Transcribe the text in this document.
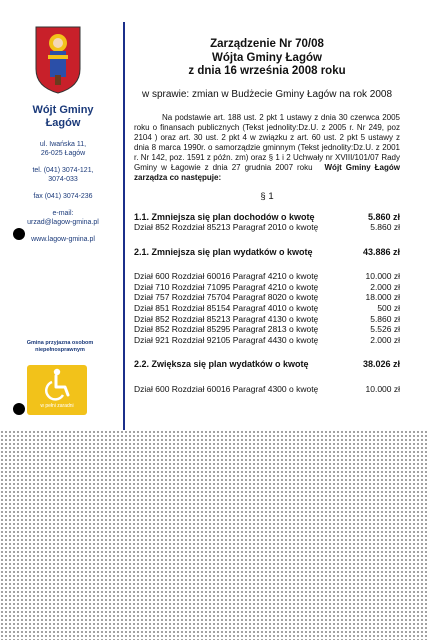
Wójt Gminy
Łagów
ul. Iwańska 11,
26-025 Łagów
tel. (041) 3074-121,
3074-033
fax (041) 3074-236
e-mail:
urzad@lagow-gmina.pl
www.lagow-gmina.pl
Gmina przyjazna osobom niepełnosprawnym
w pełni zaradni
Zarządzenie Nr 70/08
Wójta Gminy Łagów
z dnia 16 września 2008 roku
w sprawie: zmian w Budżecie Gminy Łagów na rok 2008
Na podstawie art. 188 ust. 2 pkt 1 ustawy z dnia 30 czerwca 2005 roku o finansach publicznych (Tekst jednolity:Dz.U. z 2005 r. Nr 249, poz 2104 ) oraz art. 30 ust. 2 pkt 4 w związku z art. 60 ust. 2 pkt 5 ustawy z dnia 8 marca 1990r. o samorządzie gminnym (Tekst jednolity:Dz.U. z 2001 r. Nr 142, poz. 1591 z późn. zm) oraz § 1 i 2 Uchwały nr XVIII/101/07 Rady Gminy w Łagowie z dnia 27 grudnia 2007 roku Wójt Gminy Łagów zarządza co następuje:
§ 1
1.1. Zmniejsza się plan dochodów o kwotę	5.860 zł
Dział 852 Rozdział 85213 Paragraf 2010 o kwotę	5.860 zł
2.1. Zmniejsza się plan wydatków o kwotę	43.886 zł
Dział 600 Rozdział 60016 Paragraf 4210 o kwotę	10.000 zł
Dział 710 Rozdział 71095 Paragraf 4210 o kwotę	2.000 zł
Dział 757 Rozdział 75704 Paragraf 8020 o kwotę	18.000 zł
Dział 851 Rozdział 85154 Paragraf 4010 o kwotę	500 zł
Dział 852 Rozdział 85213 Paragraf 4130 o kwotę	5.860 zł
Dział 852 Rozdział 85295 Paragraf 2813 o kwotę	5.526 zł
Dział 921 Rozdział 92105 Paragraf 4430 o kwotę	2.000 zł
2.2. Zwiększa się plan wydatków o kwotę	38.026 zł
Dział 600 Rozdział 60016 Paragraf 4300 o kwotę	10.000 zł
